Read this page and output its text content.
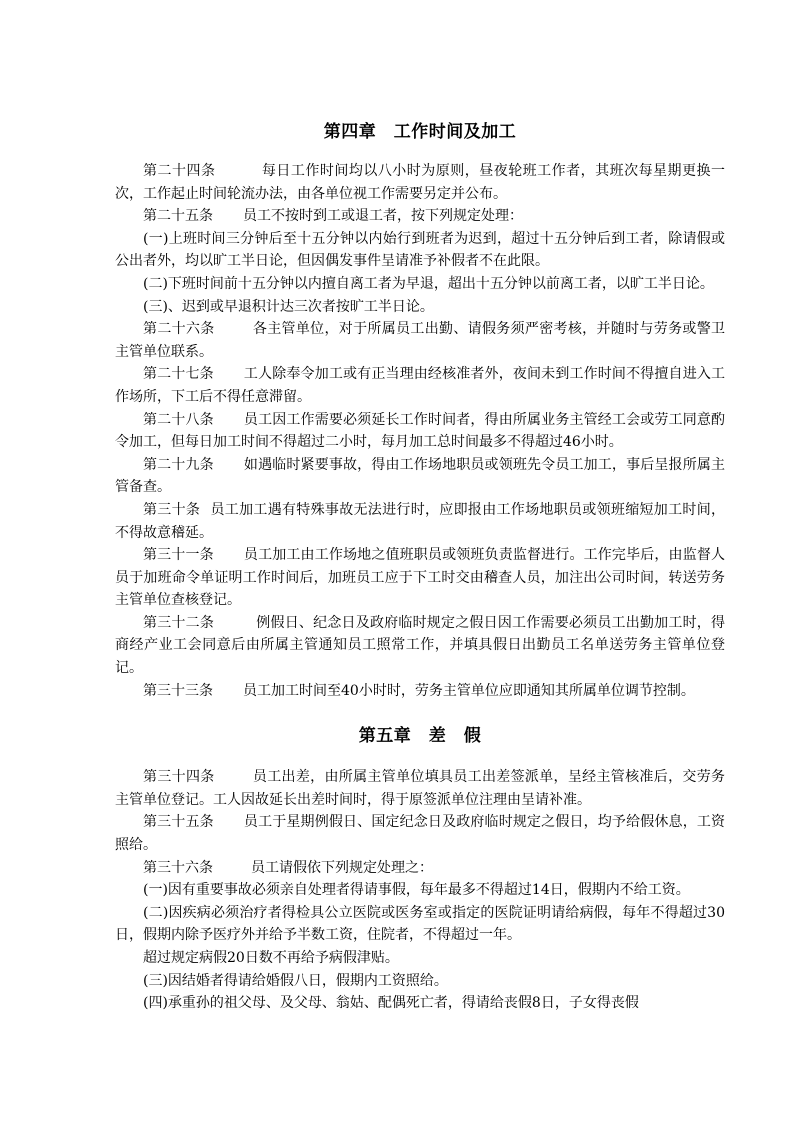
第四章　工作时间及加工

第二十四条	每日工作时间均以八小时为原则，昼夜轮班工作者，其班次每星期更换一次，工作起止时间轮流办法，由各单位视工作需要另定并公布。

第二十五条 员工不按时到工或退工者，按下列规定处理：

(一)上班时间三分钟后至十五分钟以内始行到班者为迟到，超过十五分钟后到工者，除请假或公出者外，均以旷工半日论，但因偶发事件呈请准予补假者不在此限。

(二)下班时间前十五分钟以内擅自离工者为早退，超出十五分钟以前离工者，以旷工半日论。

(三)、迟到或早退积计达三次者按旷工半日论。

第二十六条	各主管单位，对于所属员工出勤、请假务须严密考核，并随时与劳务或警卫主管单位联系。

第二十七条 工人除奉令加工或有正当理由经核准者外，夜间未到工作时间不得擅自进入工作场所，下工后不得任意滞留。

第二十八条 员工因工作需要必须延长工作时间者，得由所属业务主管经工会或劳工同意酌令加工，但每日加工时间不得超过二小时，每月加工总时间最多不得超过46小时。

第二十九条 如遇临时紧要事故，得由工作场地职员或领班先令员工加工，事后呈报所属主管备查。

第三十条 员工加工遇有特殊事故无法进行时，应即报由工作场地职员或领班缩短加工时间，不得故意稽延。

第三十一条 员工加工由工作场地之值班职员或领班负责监督进行。工作完毕后，由监督人员于加班命令单证明工作时间后，加班员工应于下工时交由稽查人员，加注出公司时间，转送劳务主管单位查核登记。

第三十二条	例假日、纪念日及政府临时规定之假日因工作需要必须员工出勤加工时，得商经产业工会同意后由所属主管通知员工照常工作，并填具假日出勤员工名单送劳务主管单位登记。

第三十三条 员工加工时间至40小时时，劳务主管单位应即通知其所属单位调节控制。

第五章　差　假

第三十四条	员工出差，由所属主管单位填具员工出差签派单，呈经主管核准后，交劳务主管单位登记。工人因故延长出差时间时，得于原签派单位注理由呈请补准。

第三十五条 员工于星期例假日、国定纪念日及政府临时规定之假日，均予给假休息，工资照给。

第三十六条	员工请假依下列规定处理之：

(一)因有重要事故必须亲自处理者得请事假，每年最多不得超过14日，假期内不给工资。

(二)因疾病必须治疗者得检具公立医院或医务室或指定的医院证明请给病假，每年不得超过30日，假期内除予医疗外并给予半数工资，住院者，不得超过一年。

超过规定病假20日数不再给予病假津贴。

(三)因结婚者得请给婚假八日，假期内工资照给。

(四)承重孙的祖父母、及父母、翁姑、配偶死亡者，得请给丧假8日，子女得丧假
